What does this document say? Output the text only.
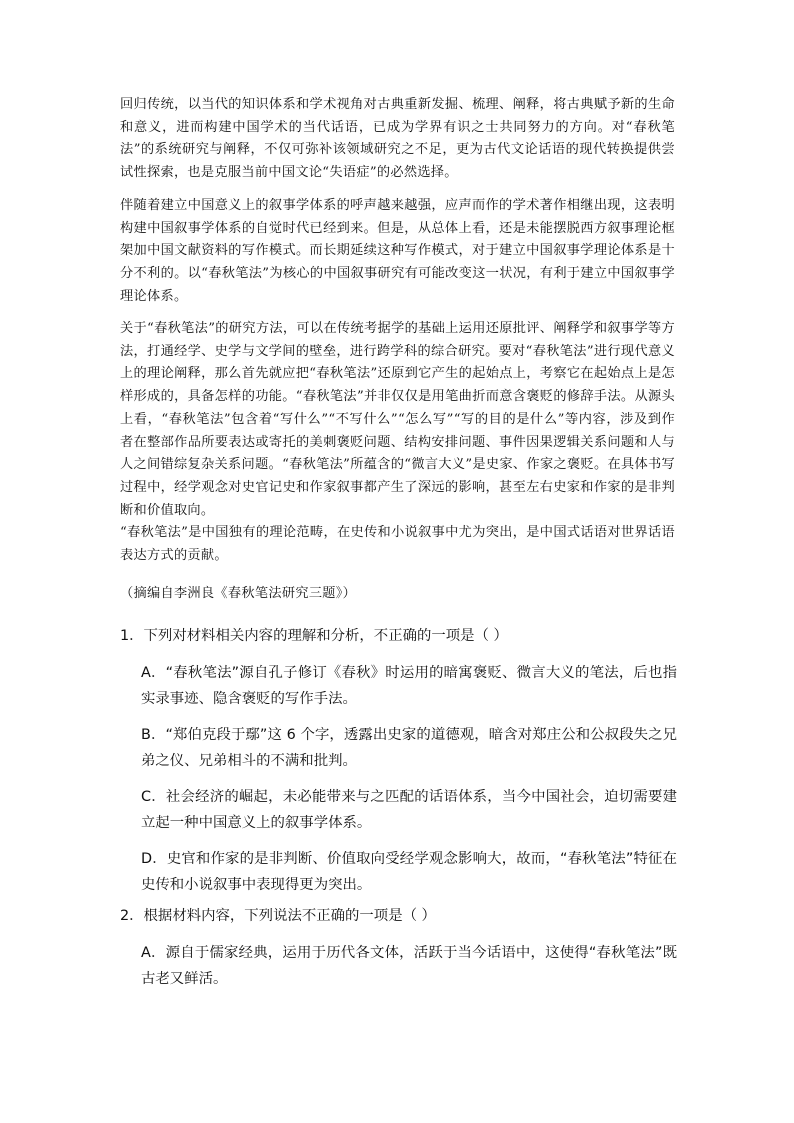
回归传统，以当代的知识体系和学术视角对古典重新发掘、梳理、阐释，将古典赋予新的生命和意义，进而构建中国学术的当代话语，已成为学界有识之士共同努力的方向。对“春秋笔法”的系统研究与阐释，不仅可弥补该领域研究之不足，更为古代文论话语的现代转换提供尝试性探索，也是克服当前中国文论“失语症”的必然选择。

伴随着建立中国意义上的叙事学体系的呼声越来越强，应声而作的学术著作相继出现，这表明构建中国叙事学体系的自觉时代已经到来。但是，从总体上看，还是未能摆脱西方叙事理论框架加中国文献资料的写作模式。而长期延续这种写作模式，对于建立中国叙事学理论体系是十分不利的。以“春秋笔法”为核心的中国叙事研究有可能改变这一状况，有利于建立中国叙事学理论体系。

关于“春秋笔法”的研究方法，可以在传统考据学的基础上运用还原批评、阐释学和叙事学等方法，打通经学、史学与文学间的壁垒，进行跨学科的综合研究。要对“春秋笔法”进行现代意义上的理论阐释，那么首先就应把“春秋笔法”还原到它产生的起始点上，考察它在起始点上是怎样形成的，具备怎样的功能。“春秋笔法”并非仅仅是用笔曲折而意含褒贬的修辞手法。从源头上看，“春秋笔法”包含着“写什么”“不写什么”“怎么写”“写的目的是什么”等内容，涉及到作者在整部作品所要表达或寄托的美刺褒贬问题、结构安排问题、事件因果逻辑关系问题和人与人之间错综复杂关系问题。“春秋笔法”所蕴含的“微言大义”是史家、作家之褒贬。在具体书写过程中，经学观念对史官记史和作家叙事都产生了深远的影响，甚至左右史家和作家的是非判断和价值取向。

“春秋笔法”是中国独有的理论范畴，在史传和小说叙事中尤为突出，是中国式话语对世界话语表达方式的贡献。

（摘编自李洲良《春秋笔法研究三题》）

1．下列对材料相关内容的理解和分析，不正确的一项是（ ）

A．“春秋笔法”源自孔子修订《春秋》时运用的暗寓褒贬、微言大义的笔法，后也指实录事迹、隐含褒贬的写作手法。

B．“郑伯克段于鄢”这 6 个字，透露出史家的道德观，暗含对郑庄公和公叔段失之兄弟之仪、兄弟相斗的不满和批判。

C．社会经济的崛起，未必能带来与之匹配的话语体系，当今中国社会，迫切需要建立起一种中国意义上的叙事学体系。

D．史官和作家的是非判断、价值取向受经学观念影响大，故而，“春秋笔法”特征在史传和小说叙事中表现得更为突出。

2．根据材料内容，下列说法不正确的一项是（ ）

A．源自于儒家经典，运用于历代各文体，活跃于当今话语中，这使得“春秋笔法”既古老又鲜活。
